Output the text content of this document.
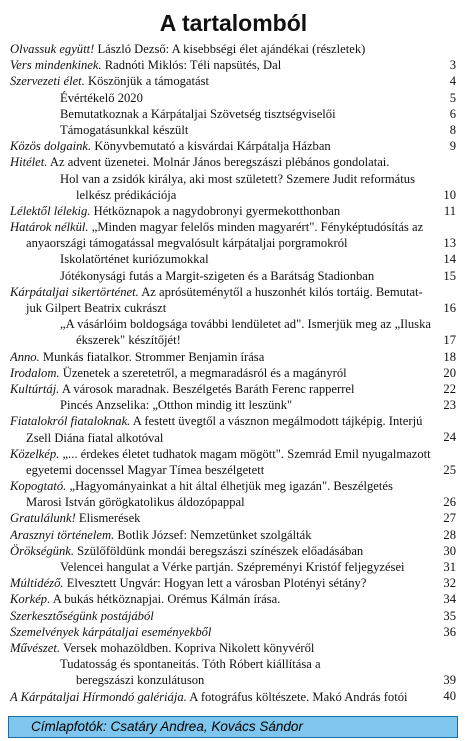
A tartalomból
Olvassuk együtt! László Dezső: A kisebbségi élet ajándékai (részletek)
Vers mindenkinek. Radnóti Miklós: Téli napsütés, Dal	3
Szervezeti élet. Köszönjük a támogatást	4
Évértékelő 2020	5
Bemutatkoznak a Kárpátaljai Szövetség tisztségviselői	6
Támogatásunkkal készült	8
Közös dolgaink. Könyvbemutató a kisvárdai Kárpátalja Házban	9
Hitélet. Az advent üzenetei. Molnár János beregszászi plébános gondolatai.
Hol van a zsidók királya, aki most született? Szemere Judit református
lelkész prédikációja	10
Lélektől lélekig. Hétköznapok a nagydobronyi gyermekotthonban	11
Határok nélkül. „Minden magyar felelős minden magyarért". Fényképtudósítás az
anyaországi támogatással megvalósult kárpátaljai porgramokról	13
Iskolatörténet kuriózumokkal	14
Jótékonysági futás a Margit-szigeten és a Barátság Stadionban	15
Kárpátaljai sikertörténet. Az aprósüteménytől a huszonhét kilós tortáig. Bemutat-
juk Gilpert Beatrix cukrászt	16
„A vásárlóim boldogsága további lendületet ad". Ismerjük meg az „Iluska
ékszerek" készítőjét!	17
Anno. Munkás fiatalkor. Strommer Benjamin írása	18
Irodalom. Üzenetek a szeretetről, a megmaradásról és a magányról	20
Kultúrtáj. A városok maradnak. Beszélgetés Baráth Ferenc rapperrel	22
Pincés Anzselika: „Otthon mindig itt leszünk"	23
Fiatalokról fiataloknak. A festett üvegtől a vásznon megálmodott tájképig. Interjú
Zsell Diána fiatal alkotóval	24
Közelkép. „... érdekes életet tudhatok magam mögött". Szemrád Emil nyugalmazott
egyetemi docenssel Magyar Tímea beszélgetett	25
Kopogtató. „Hagyományainkat a hit által élhetjük meg igazán". Beszélgetés
Marosi István görögkatolikus áldozópappal	26
Gratulálunk! Elismerések	27
Arasznyi történelem. Botlik József: Nemzetünket szolgálták	28
Örökségünk. Szülőföldünk mondái beregszászi színészek előadásában	30
Velencei hangulat a Vérke partján. Szépreményi Kristóf feljegyzései	31
Múltidéző. Elvesztett Ungvár: Hogyan lett a városban Plotényi sétány?	32
Korkép. A bukás hétköznapjai. Orémus Kálmán írása.	34
Szerkesztőségünk postájából	35
Szemelvények kárpátaljai eseményekből	36
Művészet. Versek mohazöldben. Kopriva Nikolett könyvéről
Tudatosság és spontaneitás. Tóth Róbert kiállítása a
beregszászi konzulátuson	39
A Kárpátaljai Hírmondó galériája. A fotográfus költészete. Makó András fotói	40
Címlapfotók: Csatáry Andrea, Kovács Sándor
